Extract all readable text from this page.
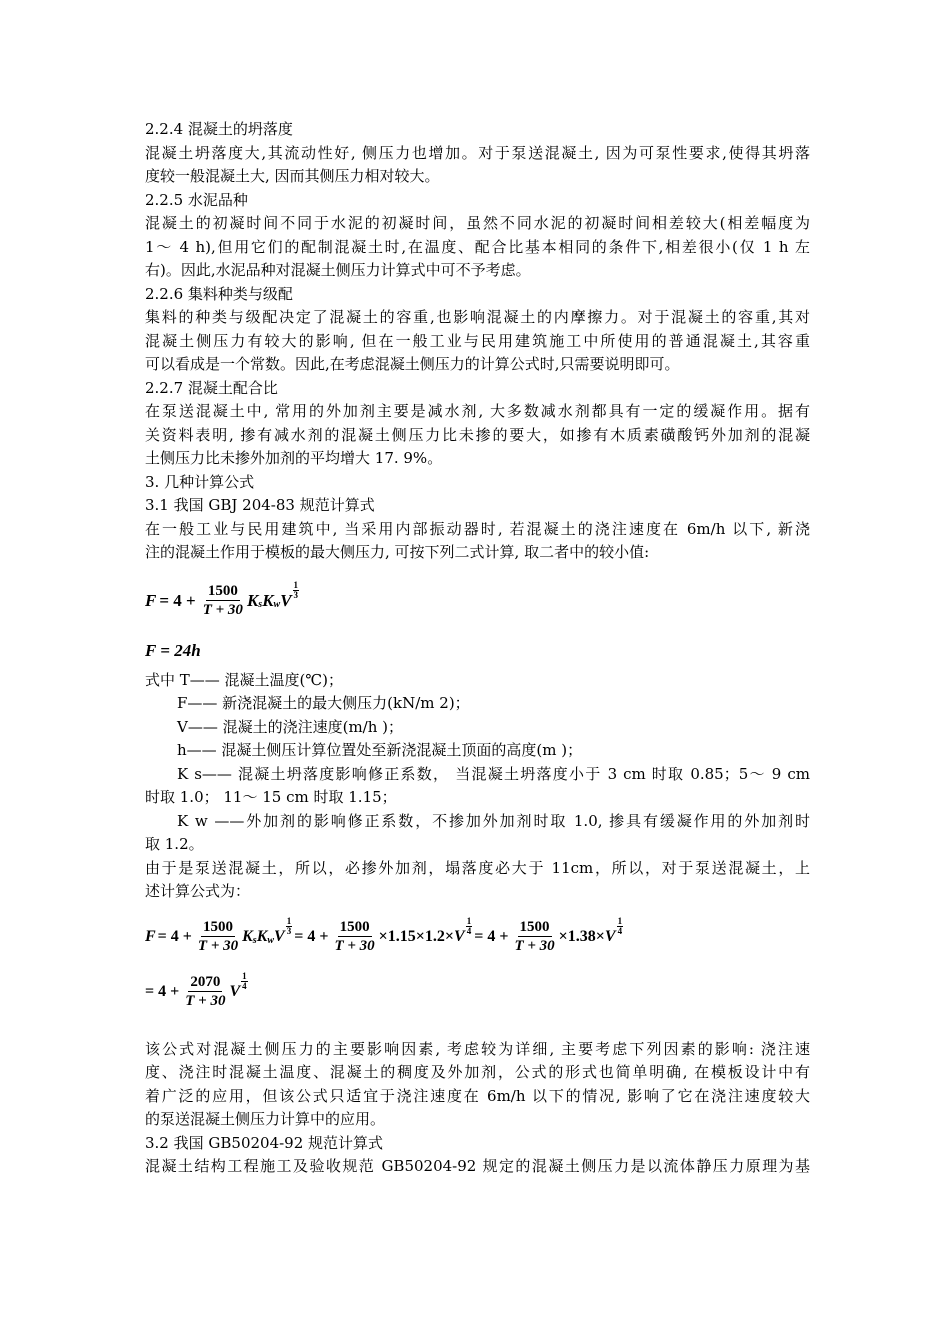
2.2.4 混凝土的坍落度
混凝土坍落度大,其流动性好, 侧压力也增加。对于泵送混凝土, 因为可泵性要求,使得其坍落
度较一般混凝土大, 因而其侧压力相对较大。
2.2.5 水泥品种
混凝土的初凝时间不同于水泥的初凝时间，虽然不同水泥的初凝时间相差较大(相差幅度为
1～ 4 h),但用它们的配制混凝土时,在温度、配合比基本相同的条件下,相差很小(仅 1 h 左
右)。因此,水泥品种对混凝土侧压力计算式中可不予考虑。
2.2.6 集料种类与级配
集料的种类与级配决定了混凝土的容重,也影响混凝土的内摩擦力。对于混凝土的容重,其对
混凝土侧压力有较大的影响, 但在一般工业与民用建筑施工中所使用的普通混凝土,其容重
可以看成是一个常数。因此,在考虑混凝土侧压力的计算公式时,只需要说明即可。
2.2.7 混凝土配合比
在泵送混凝土中, 常用的外加剂主要是减水剂, 大多数减水剂都具有一定的缓凝作用。据有
关资料表明, 掺有减水剂的混凝土侧压力比未掺的要大，如掺有木质素磺酸钙外加剂的混凝
土侧压力比未掺外加剂的平均增大 17. 9%。
3. 几种计算公式
3.1 我国 GBJ 204-83 规范计算式
在一般工业与民用建筑中, 当采用内部振动器时, 若混凝土的浇注速度在 6m/h 以下, 新浇
注的混凝土作用于模板的最大侧压力, 可按下列二式计算, 取二者中的较小值:
$F = 4 + \frac{1500}{T + 30}$ K s K w V $\frac{1}{3}$
F = 24h
式中 T—— 混凝土温度(℃)；
F—— 新浇混凝土的最大侧压力(kN/m 2)；
V—— 混凝土的浇注速度(m/h )；
h—— 混凝土侧压计算位置处至新浇混凝土顶面的高度(m )；
K s—— 混凝土坍落度影响修正系数， 当混凝土坍落度小于 3 cm 时取 0.85；5～ 9 cm
时取 1.0； 11～ 15 cm 时取 1.15；
K w ——外加剂的影响修正系数，不掺加外加剂时取 1.0, 掺具有缓凝作用的外加剂时
取 1.2。
由于是泵送混凝土，所以，必掺外加剂，塌落度必大于 11cm，所以，对于泵送混凝土，上
述计算公式为：
$F = 4 + \frac{1500}{T + 30}$ K s K w V $\frac{1}{3} = 4 + \frac{1500}{T + 30} \times 1.15\times 1.2\times V \frac{1}{4} = 4 + \frac{1500}{T + 30} \times 1.38\times V \frac{1}{4}$
= $4 + \frac{2070}{T + 30}$ V $\frac{1}{4}$
该公式对混凝土侧压力的主要影响因素, 考虑较为详细, 主要考虑下列因素的影响: 浇注速
度、浇注时混凝土温度、混凝土的稠度及外加剂，公式的形式也简单明确, 在模板设计中有
着广泛的应用，但该公式只适宜于浇注速度在 6m/h 以下的情况, 影响了它在浇注速度较大
的泵送混凝土侧压力计算中的应用。
3.2 我国 GB50204-92 规范计算式
混凝土结构工程施工及验收规范 GB50204-92 规定的混凝土侧压力是以流体静压力原理为基
